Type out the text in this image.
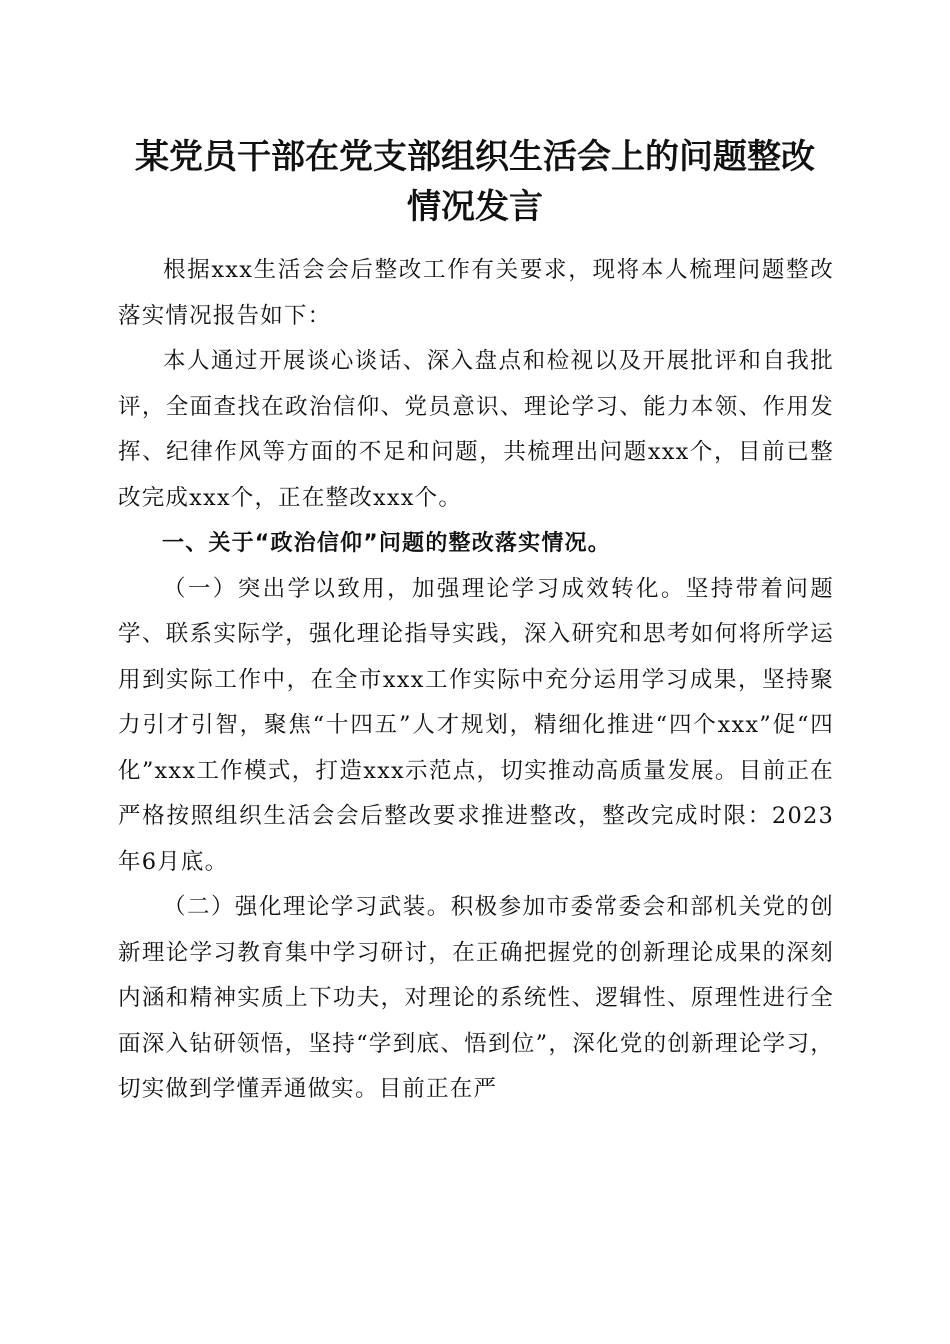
某党员干部在党支部组织生活会上的问题整改
情况发言

根据xxx生活会会后整改工作有关要求，现将本人梳理问题整改落实情况报告如下：

本人通过开展谈心谈话、深入盘点和检视以及开展批评和自我批评，全面查找在政治信仰、党员意识、理论学习、能力本领、作用发挥、纪律作风等方面的不足和问题，共梳理出问题xxx个，目前已整改完成xxx个，正在整改xxx个。

一、关于“政治信仰”问题的整改落实情况。

（一）突出学以致用，加强理论学习成效转化。坚持带着问题学、联系实际学，强化理论指导实践，深入研究和思考如何将所学运用到实际工作中，在全市xxx工作实际中充分运用学习成果，坚持聚力引才引智，聚焦“十四五”人才规划，精细化推进“四个xxx”促“四化”xxx工作模式，打造xxx示范点，切实推动高质量发展。目前正在严格按照组织生活会会后整改要求推进整改，整改完成时限：2023年6月底。

（二）强化理论学习武装。积极参加市委常委会和部机关党的创新理论学习教育集中学习研讨，在正确把握党的创新理论成果的深刻内涵和精神实质上下功夫，对理论的系统性、逻辑性、原理性进行全面深入钻研领悟，坚持“学到底、悟到位”，深化党的创新理论学习，切实做到学懂弄通做实。目前正在严
